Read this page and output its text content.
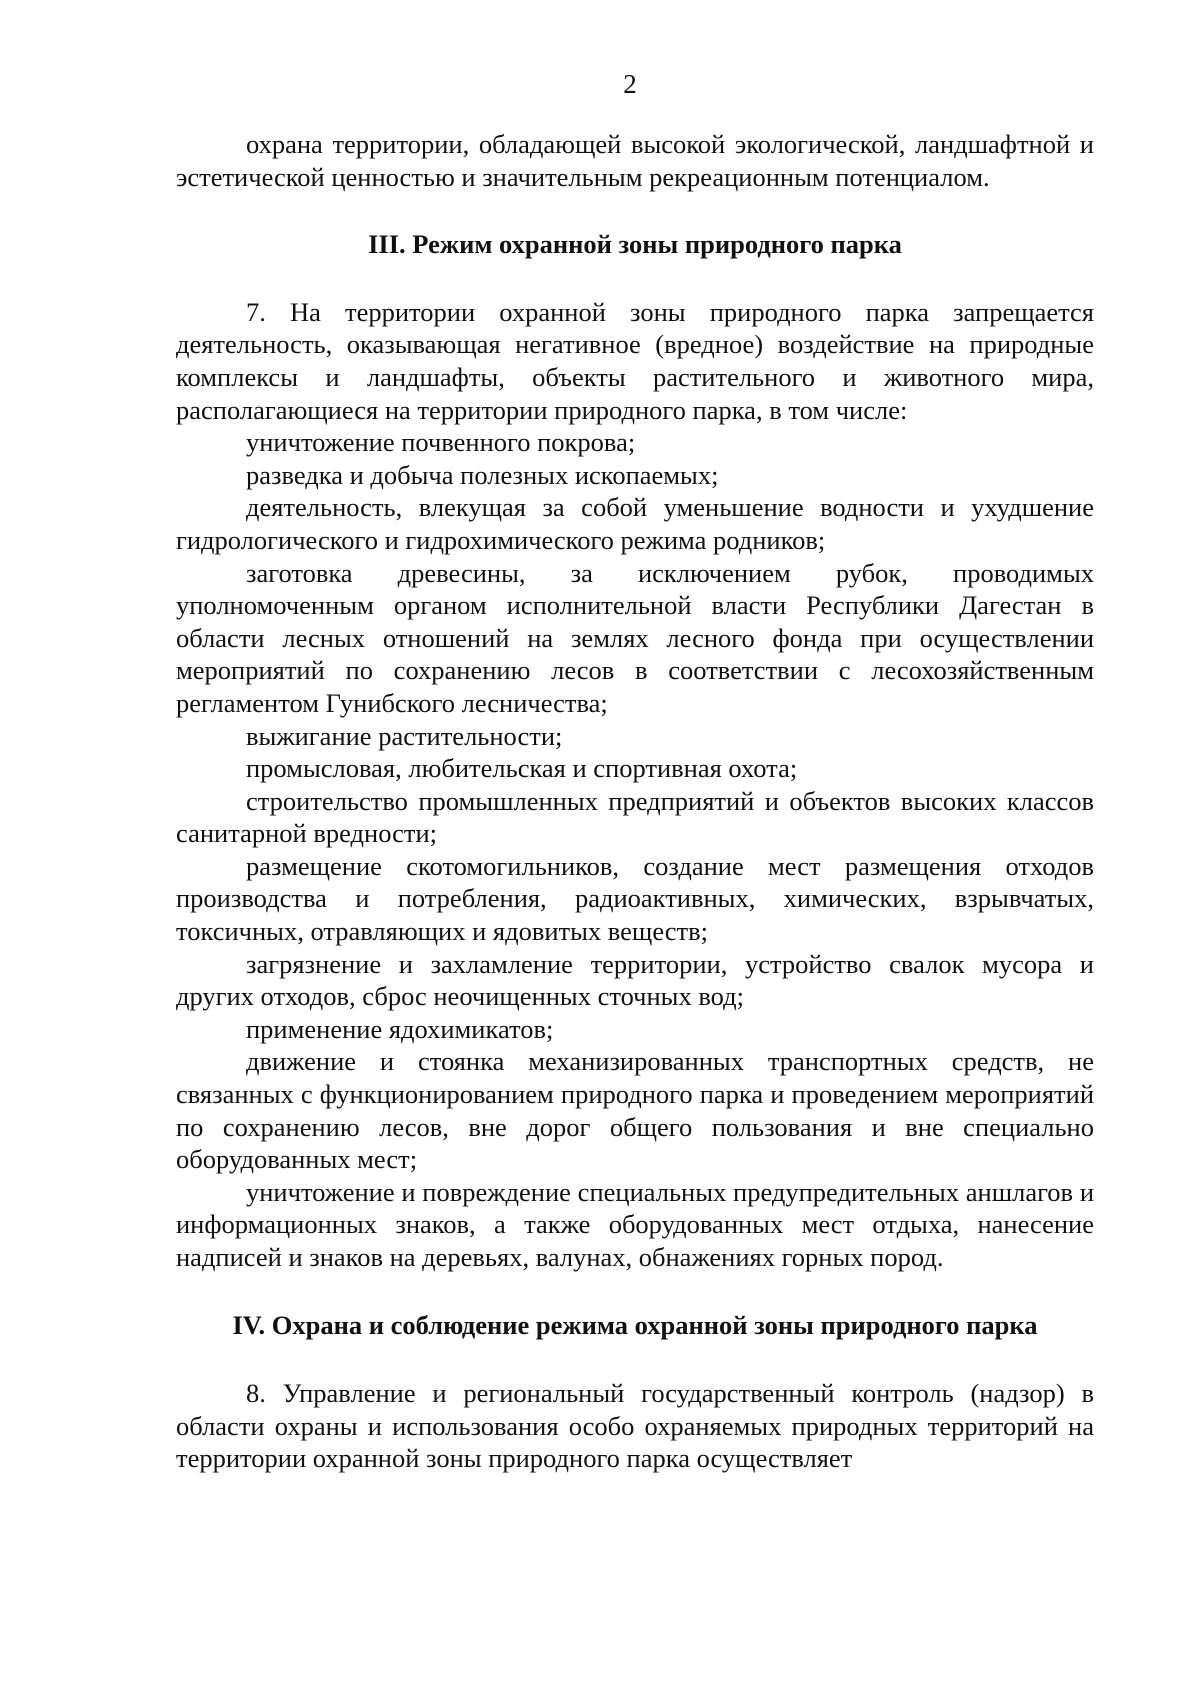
2

охрана территории, обладающей высокой экологической, ландшафтной и эстетической ценностью и значительным рекреационным потенциалом.

III. Режим охранной зоны природного парка

7. На территории охранной зоны природного парка запрещается деятельность, оказывающая негативное (вредное) воздействие на природные комплексы и ландшафты, объекты растительного и животного мира, располагающиеся на территории природного парка, в том числе:

уничтожение почвенного покрова;

разведка и добыча полезных ископаемых;

деятельность, влекущая за собой уменьшение водности и ухудшение гидрологического и гидрохимического режима родников;

заготовка древесины, за исключением рубок, проводимых уполномоченным органом исполнительной власти Республики Дагестан в области лесных отношений на землях лесного фонда при осуществлении мероприятий по сохранению лесов в соответствии с лесохозяйственным регламентом Гунибского лесничества;

выжигание растительности;

промысловая, любительская и спортивная охота;

строительство промышленных предприятий и объектов высоких классов санитарной вредности;

размещение скотомогильников, создание мест размещения отходов производства и потребления, радиоактивных, химических, взрывчатых, токсичных, отравляющих и ядовитых веществ;

загрязнение и захламление территории, устройство свалок мусора и других отходов, сброс неочищенных сточных вод;

применение ядохимикатов;

движение и стоянка механизированных транспортных средств, не связанных с функционированием природного парка и проведением мероприятий по сохранению лесов, вне дорог общего пользования и вне специально оборудованных мест;

уничтожение и повреждение специальных предупредительных аншлагов и информационных знаков, а также оборудованных мест отдыха, нанесение надписей и знаков на деревьях, валунах, обнажениях горных пород.

IV. Охрана и соблюдение режима охранной зоны природного парка

8. Управление и региональный государственный контроль (надзор) в области охраны и использования особо охраняемых природных территорий на территории охранной зоны природного парка осуществляет
